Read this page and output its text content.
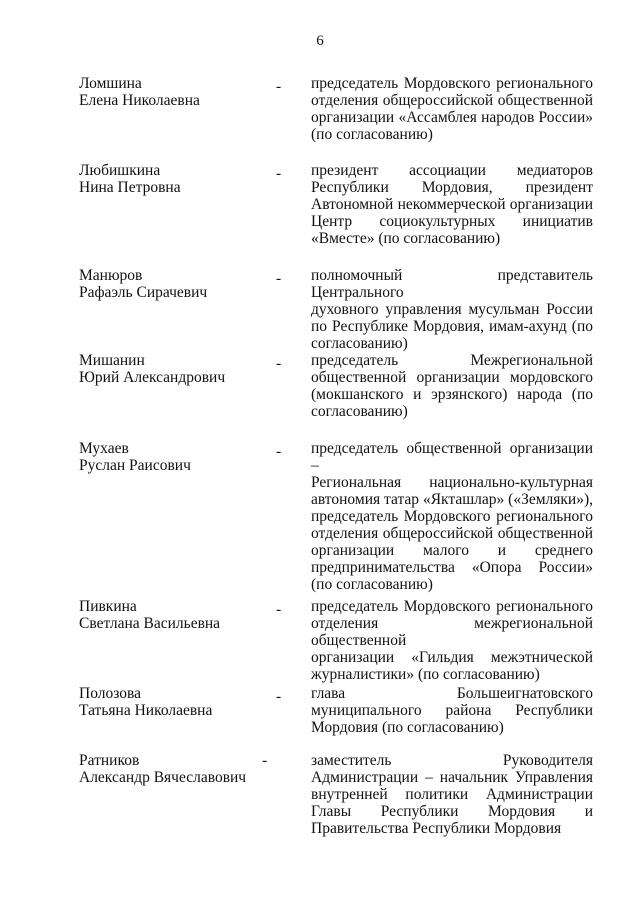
6
Ломшина
Елена Николаевна
-	председатель Мордовского регионального
отделения общероссийской общественной
организации «Ассамблея народов России»
(по согласованию)
Любишкина
Нина Петровна
-	президент ассоциации медиаторов
Республики Мордовия, президент
Автономной некоммерческой организации
Центр социокультурных инициатив
«Вместе» (по согласованию)
Манюров
Рафаэль Сирачевич
-	полномочный представитель Центрального
духовного управления мусульман России
по Республике Мордовия, имам-ахунд (по
согласованию)
Мишанин
Юрий Александрович
-	председатель Межрегиональной
общественной организации мордовского
(мокшанского и эрзянского) народа (по
согласованию)
Мухаев
Руслан Раисович
-	председатель общественной организации –
Региональная национально-культурная
автономия татар «Якташлар» («Земляки»),
председатель Мордовского регионального
отделения общероссийской общественной
организации малого и среднего
предпринимательства «Опора России»
(по согласованию)
Пивкина
Светлана Васильевна
-	председатель Мордовского регионального
отделения межрегиональной общественной
организации «Гильдия межэтнической
журналистики» (по согласованию)
Полозова
Татьяна Николаевна
-	глава Большеигнатовского
муниципального района Республики
Мордовия (по согласованию)
Ратников
Александр Вячеславович
-	заместитель Руководителя
Администрации – начальник Управления
внутренней политики Администрации
Главы Республики Мордовия и
Правительства Республики Мордовия
